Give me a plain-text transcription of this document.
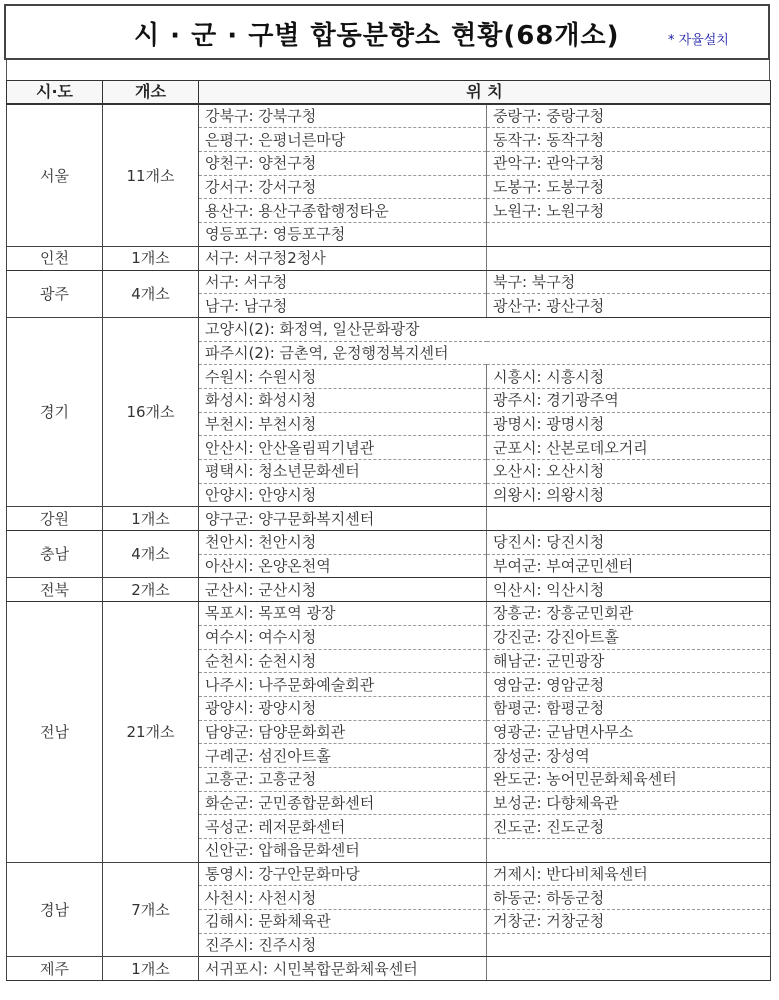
시 · 군 · 구별 합동분향소 현황(68개소)	* 자율설치
시·도	개소	위 치	
서울	11개소	강북구: 강북구청	중랑구: 중랑구청
		은평구: 은평너른마당	동작구: 동작구청
		양천구: 양천구청	관악구: 관악구청
		강서구: 강서구청	도봉구: 도봉구청
		용산구: 용산구종합행정타운	노원구: 노원구청
		영등포구: 영등포구청	
인천	1개소	서구: 서구청2청사	
광주	4개소	서구: 서구청	북구: 북구청
		남구: 남구청	광산구: 광산구청
경기	16개소	고양시(2): 화정역, 일산문화광장	
		파주시(2): 금촌역, 운정행정복지센터	
		수원시: 수원시청	시흥시: 시흥시청
		화성시: 화성시청	광주시: 경기광주역
		부천시: 부천시청	광명시: 광명시청
		안산시: 안산올림픽기념관	군포시: 산본로데오거리
		평택시: 청소년문화센터	오산시: 오산시청
		안양시: 안양시청	의왕시: 의왕시청
강원	1개소	양구군: 양구문화복지센터	
충남	4개소	천안시: 천안시청	당진시: 당진시청
		아산시: 온양온천역	부여군: 부여군민센터
전북	2개소	군산시: 군산시청	익산시: 익산시청
전남	21개소	목포시: 목포역 광장	장흥군: 장흥군민회관
		여수시: 여수시청	강진군: 강진아트홀
		순천시: 순천시청	해남군: 군민광장
		나주시: 나주문화예술회관	영암군: 영암군청
		광양시: 광양시청	함평군: 함평군청
		담양군: 담양문화회관	영광군: 군남면사무소
		구례군: 섬진아트홀	장성군: 장성역
		고흥군: 고흥군청	완도군: 농어민문화체육센터
		화순군: 군민종합문화센터	보성군: 다향체육관
		곡성군: 레저문화센터	진도군: 진도군청
		신안군: 압해읍문화센터	
경남	7개소	통영시: 강구안문화마당	거제시: 반다비체육센터
		사천시: 사천시청	하동군: 하동군청
		김해시: 문화체육관	거창군: 거창군청
		진주시: 진주시청	
제주	1개소	서귀포시: 시민복합문화체육센터	
